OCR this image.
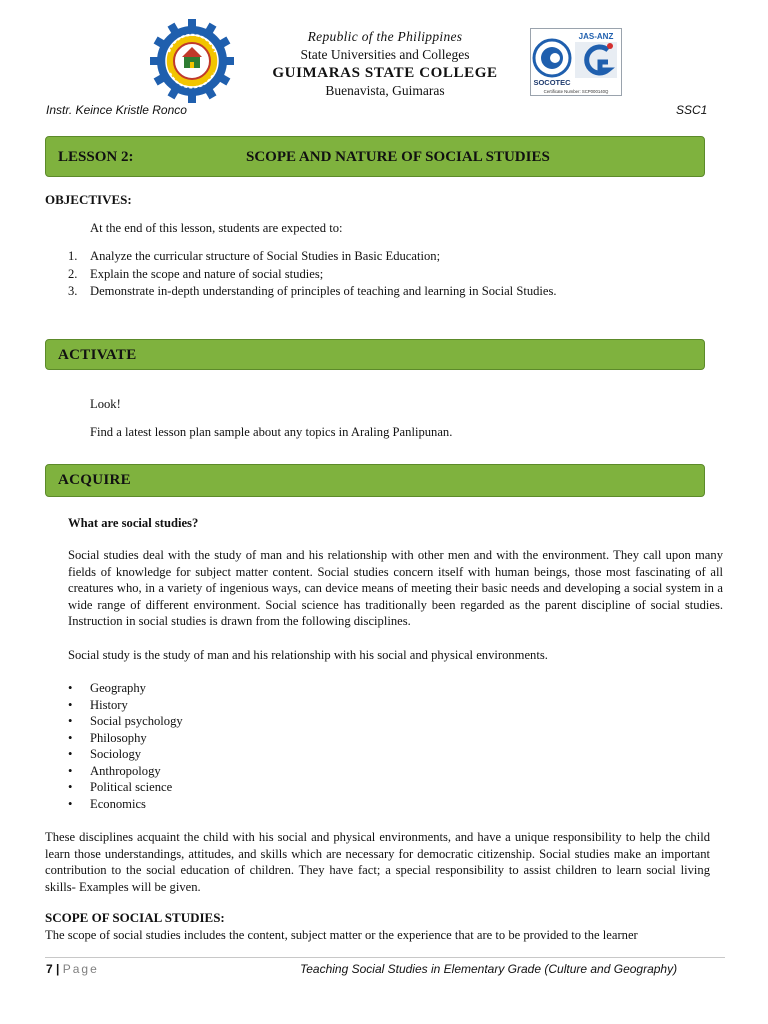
Republic of the Philippines
State Universities and Colleges
GUIMARAS STATE COLLEGE
Buenavista, Guimaras
JAS-ANZ
SOCOTEC
Certificate Number: SCP000140Q
Instr. Keince Kristle Ronco	SSC1
LESSON 2:	SCOPE AND NATURE OF SOCIAL STUDIES
OBJECTIVES:
At the end of this lesson, students are expected to:
1. Analyze the curricular structure of Social Studies in Basic Education;
2. Explain the scope and nature of social studies;
3. Demonstrate in-depth understanding of principles of teaching and learning in Social Studies.
ACTIVATE
Look!
Find a latest lesson plan sample about any topics in Araling Panlipunan.
ACQUIRE
What are social studies?
Social studies deal with the study of man and his relationship with other men and with the environment. They call upon many fields of knowledge for subject matter content. Social studies concern itself with human beings, those most fascinating of all creatures who, in a variety of ingenious ways, can device means of meeting their basic needs and developing a social system in a wide range of different environment. Social science has traditionally been regarded as the parent discipline of social studies. Instruction in social studies is drawn from the following disciplines.
Social study is the study of man and his relationship with his social and physical environments.
• Geography
• History
• Social psychology
• Philosophy
• Sociology
• Anthropology
• Political science
• Economics
These disciplines acquaint the child with his social and physical environments, and have a unique responsibility to help the child learn those understandings, attitudes, and skills which are necessary for democratic citizenship. Social studies make an important contribution to the social education of children. They have fact; a special responsibility to assist children to learn social living skills- Examples will be given.
SCOPE OF SOCIAL STUDIES:
The scope of social studies includes the content, subject matter or the experience that are to be provided to the learner
7 | Page	Teaching Social Studies in Elementary Grade (Culture and Geography)
